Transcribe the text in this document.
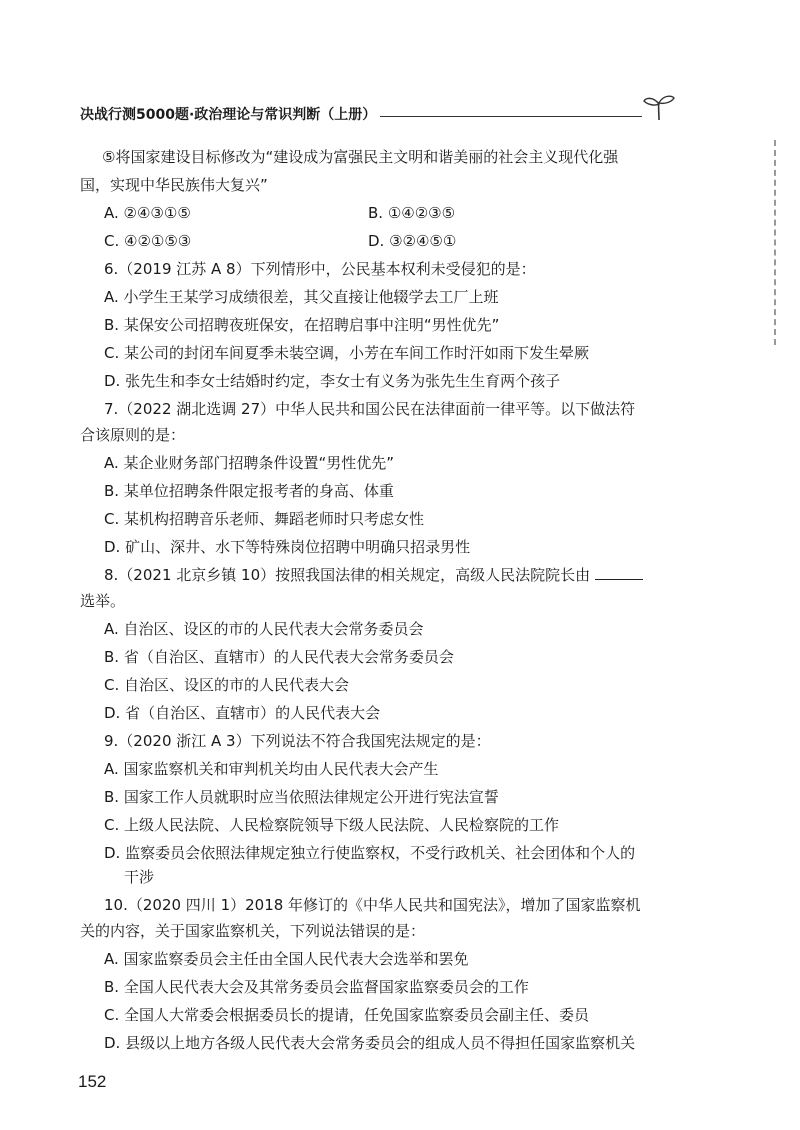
决战行测5000题·政治理论与常识判断（上册）
⑤将国家建设目标修改为“建设成为富强民主文明和谐美丽的社会主义现代化强
国，实现中华民族伟大复兴”
A. ②④③①⑤	B. ①④②③⑤
C. ④②①⑤③	D. ③②④⑤①
6.（2019 江苏 A 8）下列情形中，公民基本权利未受侵犯的是：
A. 小学生王某学习成绩很差，其父直接让他辍学去工厂上班
B. 某保安公司招聘夜班保安，在招聘启事中注明“男性优先”
C. 某公司的封闭车间夏季未装空调，小芳在车间工作时汗如雨下发生晕厥
D. 张先生和李女士结婚时约定，李女士有义务为张先生生育两个孩子
7.（2022 湖北选调 27）中华人民共和国公民在法律面前一律平等。以下做法符
合该原则的是：
A. 某企业财务部门招聘条件设置“男性优先”
B. 某单位招聘条件限定报考者的身高、体重
C. 某机构招聘音乐老师、舞蹈老师时只考虑女性
D. 矿山、深井、水下等特殊岗位招聘中明确只招录男性
8.（2021 北京乡镇 10）按照我国法律的相关规定，高级人民法院院长由
选举。
A. 自治区、设区的市的人民代表大会常务委员会
B. 省（自治区、直辖市）的人民代表大会常务委员会
C. 自治区、设区的市的人民代表大会
D. 省（自治区、直辖市）的人民代表大会
9.（2020 浙江 A 3）下列说法不符合我国宪法规定的是：
A. 国家监察机关和审判机关均由人民代表大会产生
B. 国家工作人员就职时应当依照法律规定公开进行宪法宣誓
C. 上级人民法院、人民检察院领导下级人民法院、人民检察院的工作
D. 监察委员会依照法律规定独立行使监察权，不受行政机关、社会团体和个人的
干涉
10.（2020 四川 1）2018 年修订的《中华人民共和国宪法》，增加了国家监察机
关的内容，关于国家监察机关，下列说法错误的是：
A. 国家监察委员会主任由全国人民代表大会选举和罢免
B. 全国人民代表大会及其常务委员会监督国家监察委员会的工作
C. 全国人大常委会根据委员长的提请，任免国家监察委员会副主任、委员
D. 县级以上地方各级人民代表大会常务委员会的组成人员不得担任国家监察机关
152
